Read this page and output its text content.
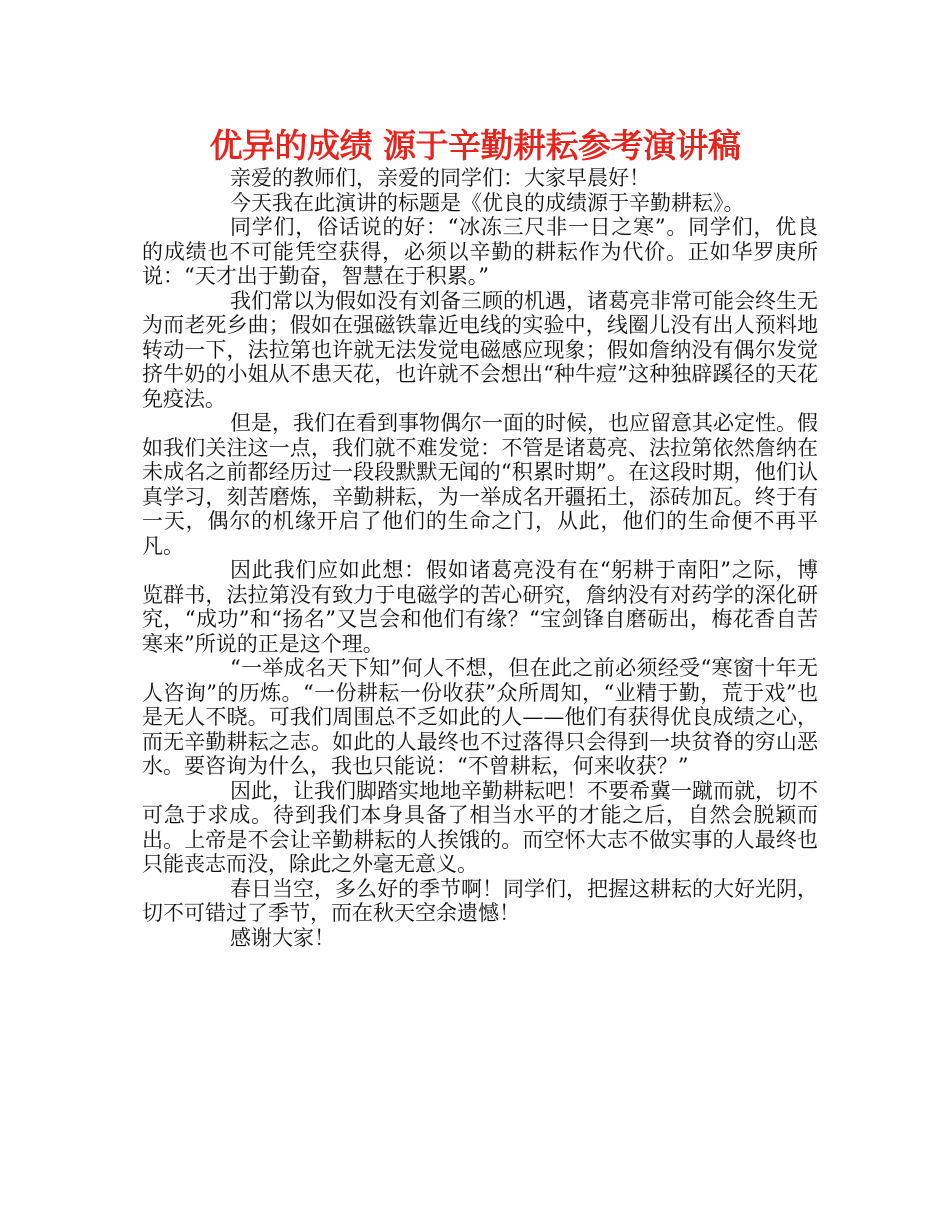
优异的成绩 源于辛勤耕耘参考演讲稿

亲爱的教师们，亲爱的同学们：大家早晨好！

今天我在此演讲的标题是《优良的成绩源于辛勤耕耘》。

同学们，俗话说的好：“冰冻三尺非一日之寒”。同学们，优良的成绩也不可能凭空获得，必须以辛勤的耕耘作为代价。正如华罗庚所说：“天才出于勤奋，智慧在于积累。”

我们常以为假如没有刘备三顾的机遇，诸葛亮非常可能会终生无为而老死乡曲；假如在强磁铁靠近电线的实验中，线圈儿没有出人预料地转动一下，法拉第也许就无法发觉电磁感应现象；假如詹纳没有偶尔发觉挤牛奶的小姐从不患天花，也许就不会想出“种牛痘”这种独辟蹊径的天花免疫法。

但是，我们在看到事物偶尔一面的时候，也应留意其必定性。假如我们关注这一点，我们就不难发觉：不管是诸葛亮、法拉第依然詹纳在未成名之前都经历过一段段默默无闻的“积累时期”。在这段时期，他们认真学习，刻苦磨炼，辛勤耕耘，为一举成名开疆拓土，添砖加瓦。终于有一天，偶尔的机缘开启了他们的生命之门，从此，他们的生命便不再平凡。

因此我们应如此想：假如诸葛亮没有在“躬耕于南阳”之际，博览群书，法拉第没有致力于电磁学的苦心研究，詹纳没有对药学的深化研究，“成功”和“扬名”又岂会和他们有缘？“宝剑锋自磨砺出，梅花香自苦寒来”所说的正是这个理。

“一举成名天下知”何人不想，但在此之前必须经受“寒窗十年无人咨询”的历炼。“一份耕耘一份收获”众所周知，“业精于勤，荒于戏”也是无人不晓。可我们周围总不乏如此的人——他们有获得优良成绩之心，而无辛勤耕耘之志。如此的人最终也不过落得只会得到一块贫脊的穷山恶水。要咨询为什么，我也只能说：“不曾耕耘，何来收获？”

因此，让我们脚踏实地地辛勤耕耘吧！不要希冀一蹴而就，切不可急于求成。待到我们本身具备了相当水平的才能之后，自然会脱颖而出。上帝是不会让辛勤耕耘的人挨饿的。而空怀大志不做实事的人最终也只能丧志而没，除此之外毫无意义。

春日当空，多么好的季节啊！同学们，把握这耕耘的大好光阴，切不可错过了季节，而在秋天空余遗憾！

感谢大家！
